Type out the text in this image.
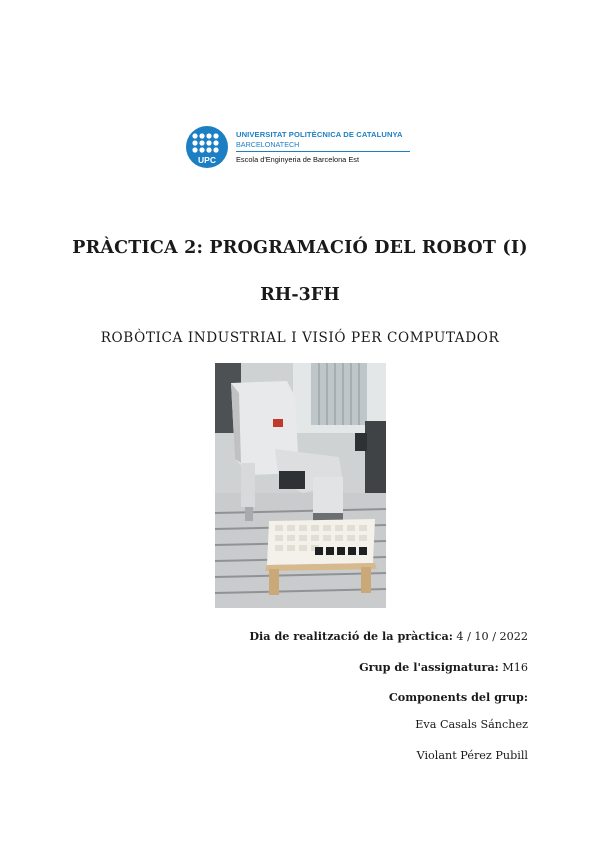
UPC
UNIVERSITAT POLITÈCNICA DE CATALUNYA
BARCELONATECH
Escola d'Enginyeria de Barcelona Est
PRÀCTICA 2: PROGRAMACIÓ DEL ROBOT (I)
RH-3FH
ROBÒTICA INDUSTRIAL I VISIÓ PER COMPUTADOR
Dia de realització de la pràctica: 4 / 10 / 2022
Grup de l'assignatura: M16
Components del grup:
Eva Casals Sánchez
Violant Pérez Pubill
